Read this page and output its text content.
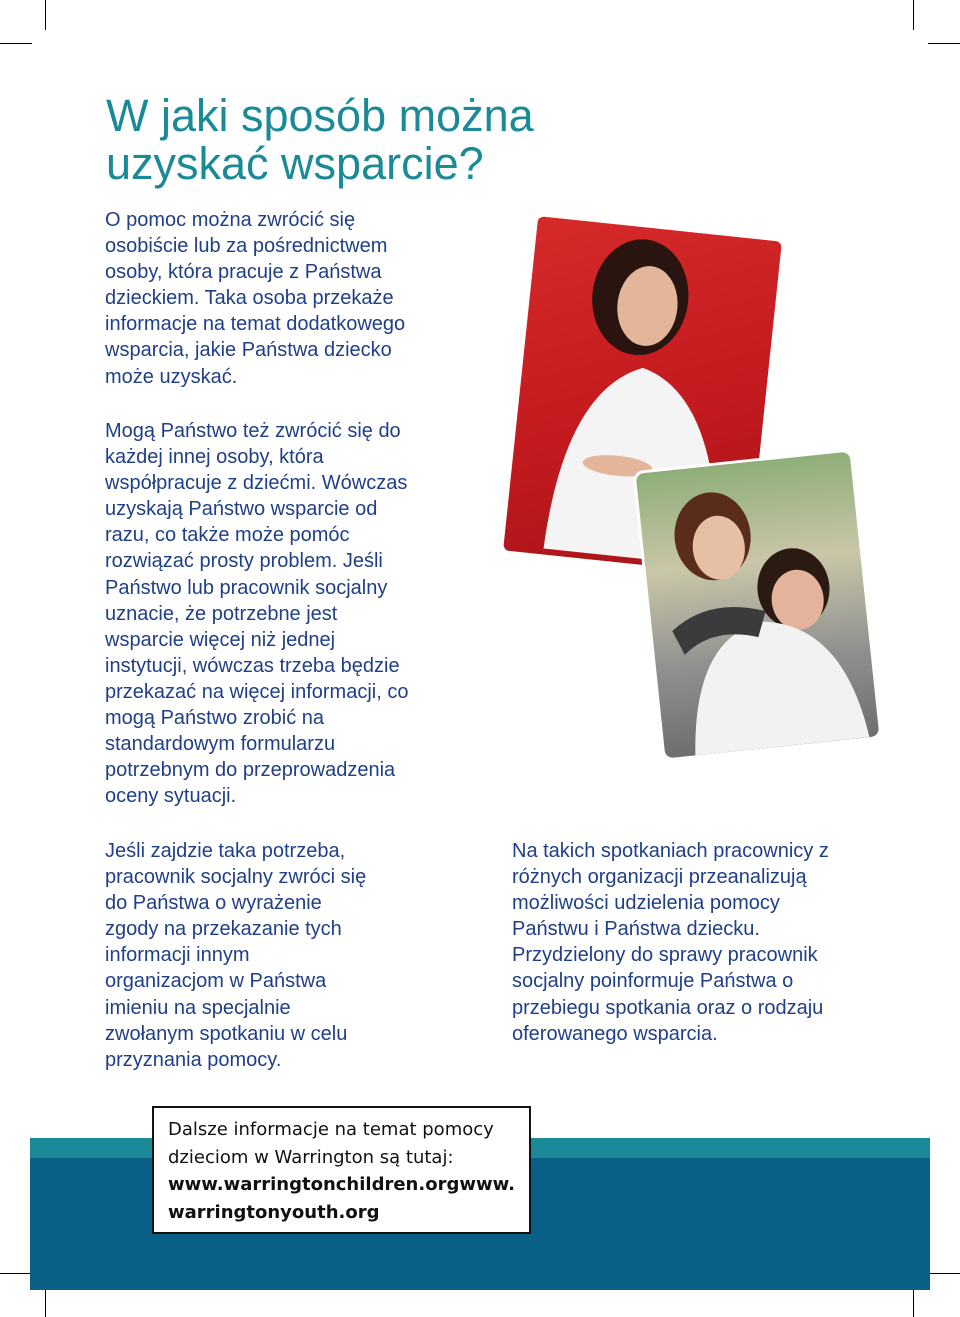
W jaki sposób można
uzyskać wsparcie?

O pomoc można zwrócić się
osobiście lub za pośrednictwem
osoby, która pracuje z Państwa
dzieckiem. Taka osoba przekaże
informacje na temat dodatkowego
wsparcia, jakie Państwa dziecko
może uzyskać.

Mogą Państwo też zwrócić się do
każdej innej osoby, która
współpracuje z dziećmi. Wówczas
uzyskają Państwo wsparcie od
razu, co także może pomóc
rozwiązać prosty problem. Jeśli
Państwo lub pracownik socjalny
uznacie, że potrzebne jest
wsparcie więcej niż jednej
instytucji, wówczas trzeba będzie
przekazać na więcej informacji, co
mogą Państwo zrobić na
standardowym formularzu
potrzebnym do przeprowadzenia
oceny sytuacji.

Jeśli zajdzie taka potrzeba,
pracownik socjalny zwróci się
do Państwa o wyrażenie
zgody na przekazanie tych
informacji innym
organizacjom w Państwa
imieniu na specjalnie
zwołanym spotkaniu w celu
przyznania pomocy.

Na takich spotkaniach pracownicy z
różnych organizacji przeanalizują
możliwości udzielenia pomocy
Państwu i Państwa dziecku.
Przydzielony do sprawy pracownik
socjalny poinformuje Państwa o
przebiegu spotkania oraz o rodzaju
oferowanego wsparcia.

Dalsze informacje na temat pomocy
dzieciom w Warrington są tutaj:
www.warringtonchildren.orgwww.
warringtonyouth.org
